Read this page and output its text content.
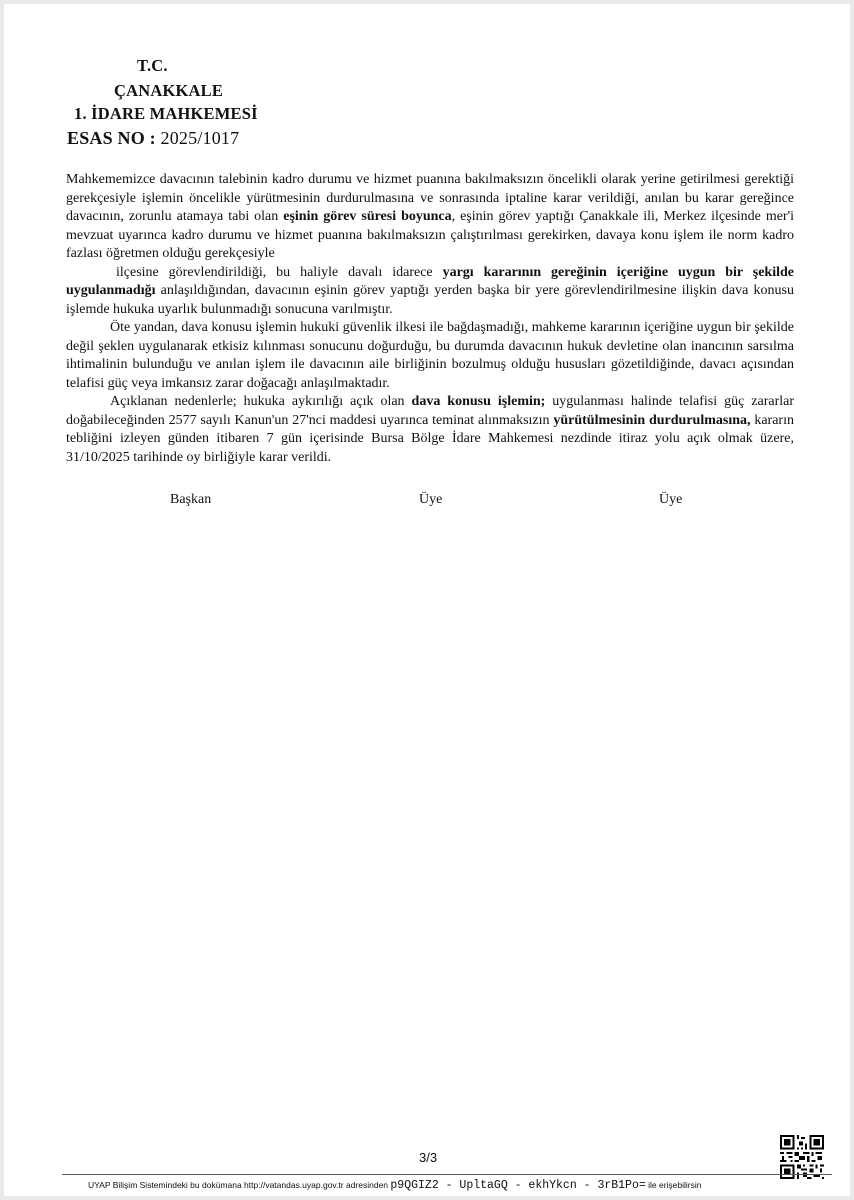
T.C.
ÇANAKKALE
1. İDARE MAHKEMESİ
ESAS NO : 2025/1017

Mahkememizce davacının talebinin kadro durumu ve hizmet puanına bakılmaksızın öncelikli olarak yerine getirilmesi gerektiği gerekçesiyle işlemin öncelikle yürütmesinin durdurulmasına ve sonrasında iptaline karar verildiği, anılan bu karar gereğince davacının, zorunlu atamaya tabi olan eşinin görev süresi boyunca, eşinin görev yaptığı Çanakkale ili, Merkez ilçesinde mer'i mevzuat uyarınca kadro durumu ve hizmet puanına bakılmaksızın çalıştırılması gerekirken, davaya konu işlem ile norm kadro fazlası öğretmen olduğu gerekçesiyle

ilçesine görevlendirildiği, bu haliyle davalı idarece yargı kararının gereğinin içeriğine uygun bir şekilde uygulanmadığı anlaşıldığından, davacının eşinin görev yaptığı yerden başka bir yere görevlendirilmesine ilişkin dava konusu işlemde hukuka uyarlık bulunmadığı sonucuna varılmıştır.

Öte yandan, dava konusu işlemin hukuki güvenlik ilkesi ile bağdaşmadığı, mahkeme kararının içeriğine uygun bir şekilde değil şeklen uygulanarak etkisiz kılınması sonucunu doğurduğu, bu durumda davacının hukuk devletine olan inancının sarsılma ihtimalinin bulunduğu ve anılan işlem ile davacının aile birliğinin bozulmuş olduğu hususları gözetildiğinde, davacı açısından telafisi güç veya imkansız zarar doğacağı anlaşılmaktadır.

Açıklanan nedenlerle; hukuka aykırılığı açık olan dava konusu işlemin; uygulanması halinde telafisi güç zararlar doğabileceğinden 2577 sayılı Kanun'un 27'nci maddesi uyarınca teminat alınmaksızın yürütülmesinin durdurulmasına, kararın tebliğini izleyen günden itibaren 7 gün içerisinde Bursa Bölge İdare Mahkemesi nezdinde itiraz yolu açık olmak üzere, 31/10/2025 tarihinde oy birliğiyle karar verildi.

Başkan	Üye	Üye
3/3
UYAP Bilişim Sistemindeki bu dokümana http://vatandas.uyap.gov.tr adresinden p9QGIZ2 - UpltaGQ - ekhYkcn - 3rB1Po= ile erişebilirsin
